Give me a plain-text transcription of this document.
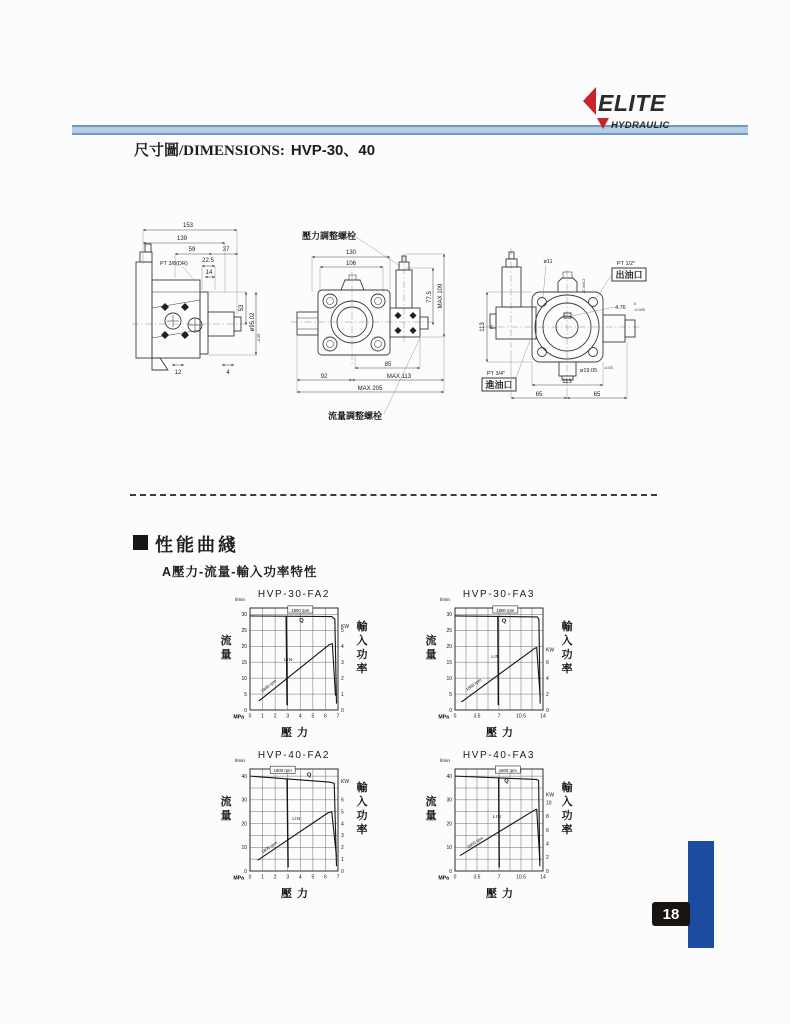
ELITE
HYDRAULIC
尺寸圖/DIMENSIONS: HVP-30、40
153
139
59	37
PT 3/8(DR) 22.5
14
53
ø95.02
-0.05
12	4
壓力調整螺栓
130
106
77.5 MAX 109
85
92	MAX 113
MAX 205
流量調整螺栓
ø11	PT 1/2"
出油口
21.4±0.2
4.76
0
-0.025
113 90
PT 3/4"
進油口
ø19.05 -0.03
113
65	65
性能曲綫
A壓力-流量-輸入功率特性
HVP-30-FA2
0 1 2 3 4 5 6 7
0
5
10
15
20
25
30
0
1
2
3
4
5
l/min
KW
MPa
流
量
輸
入
功
率
壓力
1800 rpm
Q
LIN
1800 rpm
HVP-30-FA3
0	3.5	7	10.5	14
0
5
10
15
20
25
30
0
2
4
6
l/min
KW
MPa
流
量
輸
入
功
率
壓力
1800 rpm
Q
LIN
1800 rpm
HVP-40-FA2
0 1 2 3 4 5 6 7
0
10
20
30
40
0
1
2
3
4
5
6
l/min
KW
MPa
流
量
輸
入
功
率
壓力
1800 rpm
Q
LIN
1800 rpm
HVP-40-FA3
0	3.5	7	10.5	14
0
10
20
30
40
0
2
4
6
8
10
l/min
KW
MPa
流
量
輸
入
功
率
壓力
1800 rpm
Q
LIN
1800 rpm
18
